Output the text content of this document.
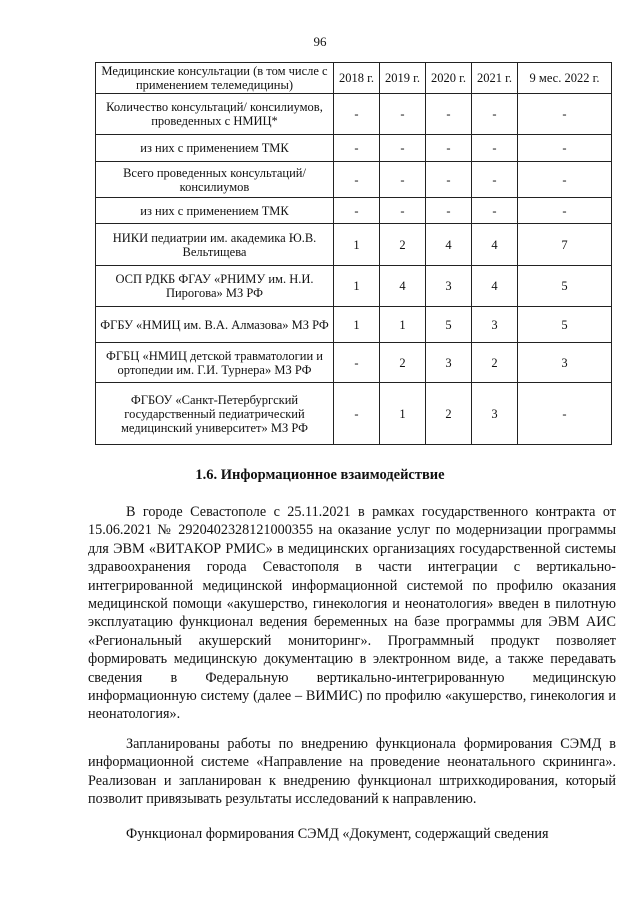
96
Медицинские консультации (в том числе с применением телемедицины)	2018 г.	2019 г.	2020 г.	2021 г.	9 мес. 2022 г.
Количество консультаций/ консилиумов, проведенных с НМИЦ*	-	-	-	-	-
из них с применением ТМК	-	-	-	-	-
Всего проведенных консультаций/ консилиумов	-	-	-	-	-
из них с применением ТМК	-	-	-	-	-
НИКИ педиатрии им. академика Ю.В. Вельтищева	1	2	4	4	7
ОСП РДКБ ФГАУ «РНИМУ им. Н.И. Пирогова» МЗ РФ	1	4	3	4	5
ФГБУ «НМИЦ им. В.А. Алмазова» МЗ РФ	1	1	5	3	5
ФГБЦ «НМИЦ детской травматологии и ортопедии им. Г.И. Турнера» МЗ РФ	-	2	3	2	3
ФГБОУ «Санкт-Петербургский государственный педиатрический медицинский университет» МЗ РФ	-	1	2	3	-
1.6. Информационное взаимодействие

В городе Севастополе с 25.11.2021 в рамках государственного контракта от 15.06.2021 № 2920402328121000355 на оказание услуг по модернизации программы для ЭВМ «ВИТАКОР РМИС» в медицинских организациях государственной системы здравоохранения города Севастополя в части интеграции с вертикально-интегрированной медицинской информационной системой по профилю оказания медицинской помощи «акушерство, гинекология и неонатология» введен в пилотную эксплуатацию функционал ведения беременных на базе программы для ЭВМ АИС «Региональный акушерский мониторинг». Программный продукт позволяет формировать медицинскую документацию в электронном виде, а также передавать сведения в Федеральную вертикально-интегрированную медицинскую информационную систему (далее – ВИМИС) по профилю «акушерство, гинекология и неонатология».

Запланированы работы по внедрению функционала формирования СЭМД в информационной системе «Направление на проведение неонатального скрининга». Реализован и запланирован к внедрению функционал штрихкодирования, который позволит привязывать результаты исследований к направлению.

Функционал формирования СЭМД «Документ, содержащий сведения
